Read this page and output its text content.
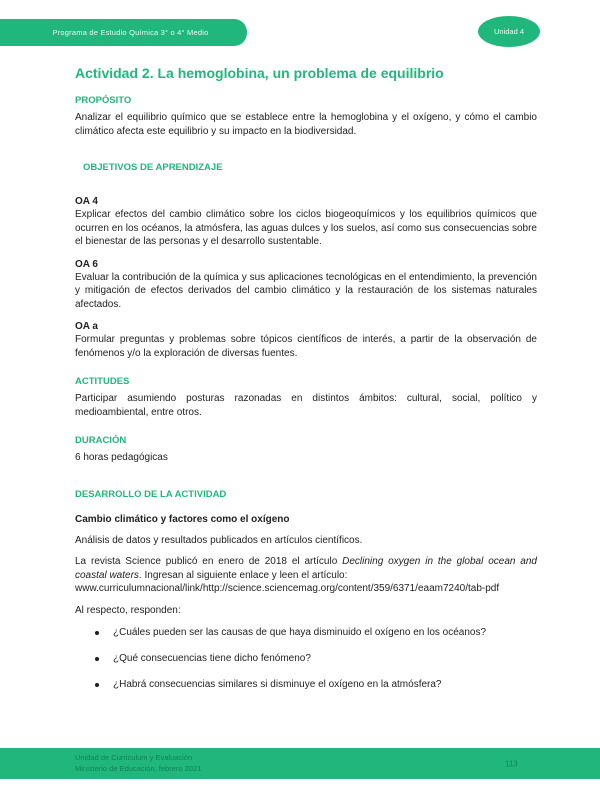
Programa de Estudio Química 3° o 4° Medio	Unidad 4
Actividad 2. La hemoglobina, un problema de equilibrio
PROPÓSITO

Analizar el equilibrio químico que se establece entre la hemoglobina y el oxígeno, y cómo el cambio climático afecta este equilibrio y su impacto en la biodiversidad.

OBJETIVOS DE APRENDIZAJE

OA 4

Explicar efectos del cambio climático sobre los ciclos biogeoquímicos y los equilibrios químicos que ocurren en los océanos, la atmósfera, las aguas dulces y los suelos, así como sus consecuencias sobre el bienestar de las personas y el desarrollo sustentable.

OA 6

Evaluar la contribución de la química y sus aplicaciones tecnológicas en el entendimiento, la prevención y mitigación de efectos derivados del cambio climático y la restauración de los sistemas naturales afectados.

OA a

Formular preguntas y problemas sobre tópicos científicos de interés, a partir de la observación de fenómenos y/o la exploración de diversas fuentes.

ACTITUDES

Participar asumiendo posturas razonadas en distintos ámbitos: cultural, social, político y medioambiental, entre otros.

DURACIÓN

6 horas pedagógicas

DESARROLLO DE LA ACTIVIDAD

Cambio climático y factores como el oxígeno

Análisis de datos y resultados publicados en artículos científicos.

La revista Science publicó en enero de 2018 el artículo Declining oxygen in the global ocean and coastal waters. Ingresan al siguiente enlace y leen el artículo:
www.curriculumnacional/link/http://science.sciencemag.org/content/359/6371/eaam7240/tab-pdf

Al respecto, responden:

¿Cuáles pueden ser las causas de que haya disminuido el oxígeno en los océanos?
¿Qué consecuencias tiene dicho fenómeno?
¿Habrá consecuencias similares si disminuye el oxígeno en la atmósfera?
Unidad de Curriculum y Evaluación
Ministerio de Educación, febrero 2021	113
